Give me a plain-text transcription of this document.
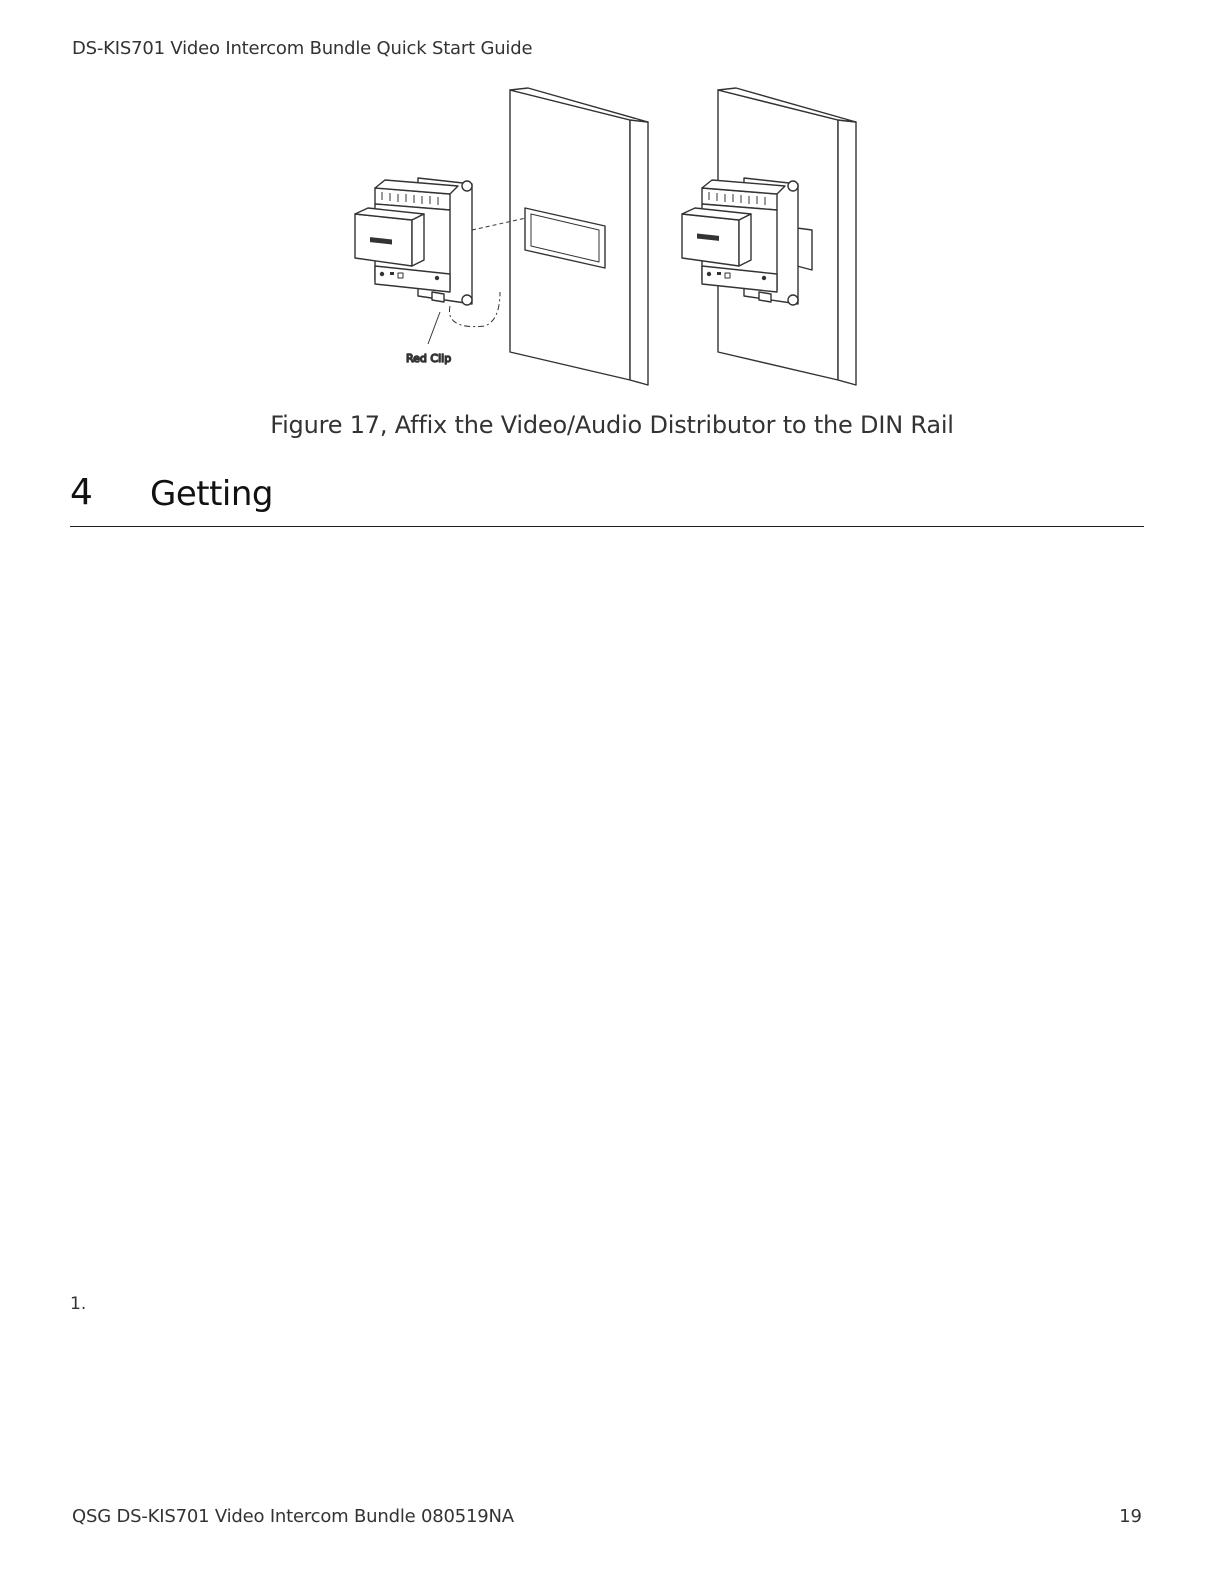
DS-KIS701 Video Intercom Bundle Quick Start Guide
Red Clip
Figure 17, Affix the Video/Audio Distributor to the DIN Rail
4 Getting
1.
QSG DS-KIS701 Video Intercom Bundle 080519NA	19
